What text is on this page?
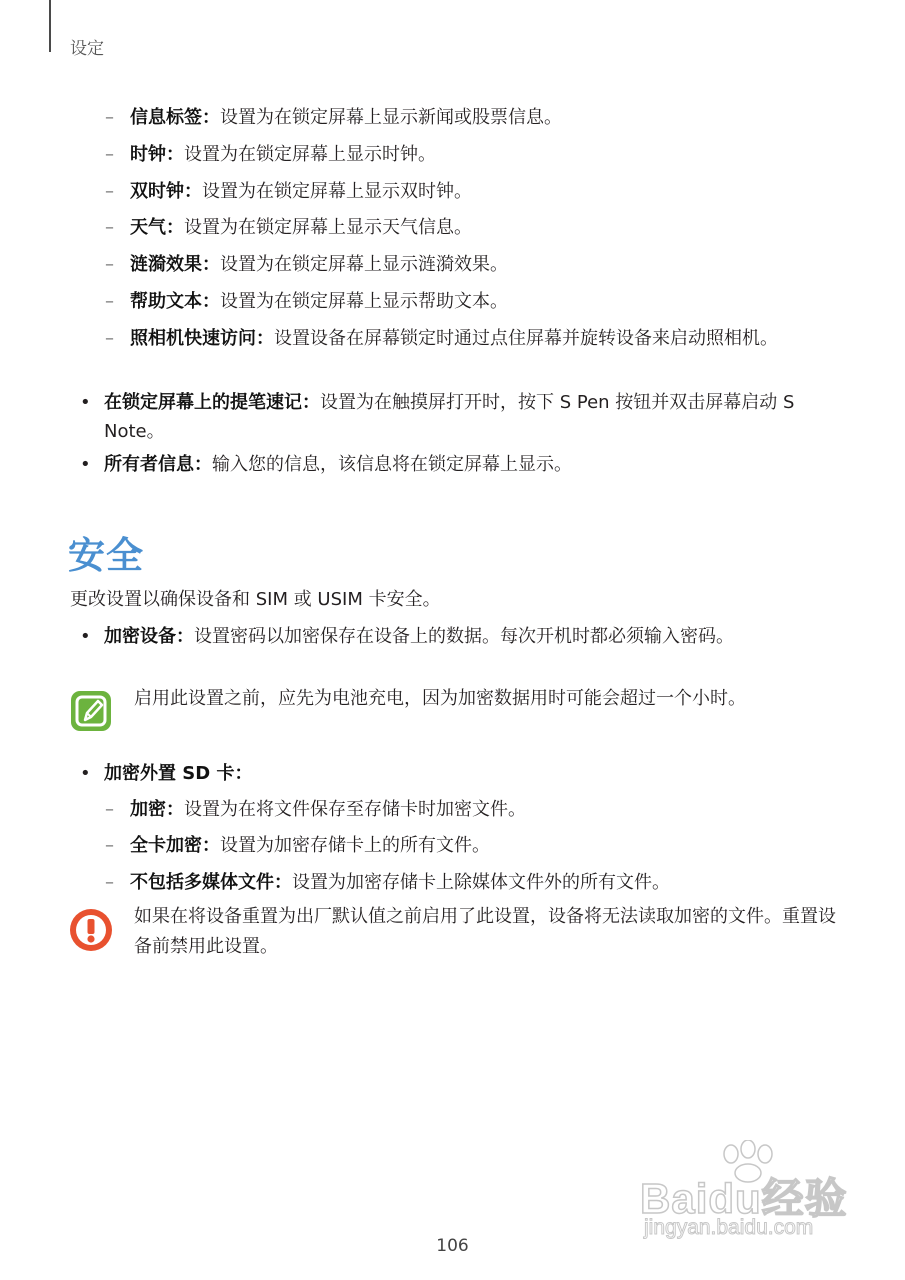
设定
– 信息标签：设置为在锁定屏幕上显示新闻或股票信息。
– 时钟：设置为在锁定屏幕上显示时钟。
– 双时钟：设置为在锁定屏幕上显示双时钟。
– 天气：设置为在锁定屏幕上显示天气信息。
– 涟漪效果：设置为在锁定屏幕上显示涟漪效果。
– 帮助文本：设置为在锁定屏幕上显示帮助文本。
– 照相机快速访问：设置设备在屏幕锁定时通过点住屏幕并旋转设备来启动照相机。
• 在锁定屏幕上的提笔速记：设置为在触摸屏打开时，按下 S Pen 按钮并双击屏幕启动 S Note。
• 所有者信息：输入您的信息，该信息将在锁定屏幕上显示。
安全
更改设置以确保设备和 SIM 或 USIM 卡安全。
• 加密设备：设置密码以加密保存在设备上的数据。每次开机时都必须输入密码。
启用此设置之前，应先为电池充电，因为加密数据用时可能会超过一个小时。
• 加密外置 SD 卡：
– 加密：设置为在将文件保存至存储卡时加密文件。
– 全卡加密：设置为加密存储卡上的所有文件。
– 不包括多媒体文件：设置为加密存储卡上除媒体文件外的所有文件。
如果在将设备重置为出厂默认值之前启用了此设置，设备将无法读取加密的文件。重置设备前禁用此设置。
106
Baidu经验
jingyan.baidu.com
